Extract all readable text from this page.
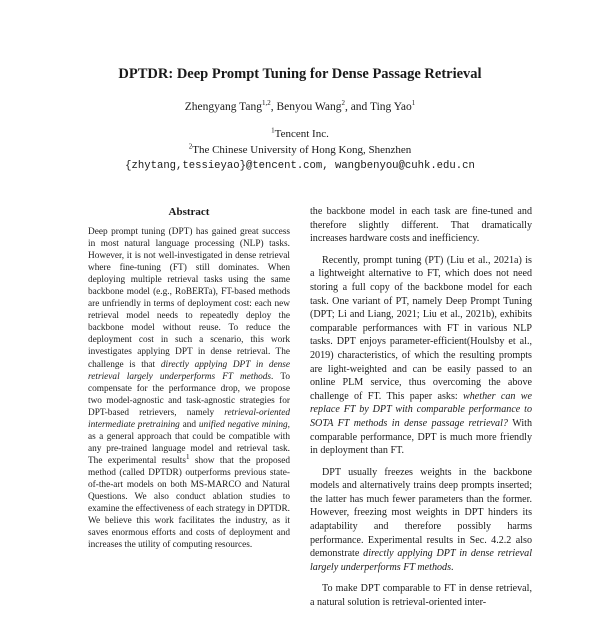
DPTDR: Deep Prompt Tuning for Dense Passage Retrieval
Zhengyang Tang$^{1,2}$, Benyou Wang$^2$, and Ting Yao$^1$
$^1$Tencent Inc.
$^2$The Chinese University of Hong Kong, Shenzhen
{zhytang,tessieyao}@tencent.com, wangbenyou@cuhk.edu.cn
Abstract
Deep prompt tuning (DPT) has gained great success in most natural language processing (NLP) tasks. However, it is not well-investigated in dense retrieval where fine-tuning (FT) still dominates. When deploying multiple retrieval tasks using the same backbone model (e.g., RoBERTa), FT-based methods are unfriendly in terms of deployment cost: each new retrieval model needs to repeatedly deploy the backbone model without reuse. To reduce the deployment cost in such a scenario, this work investigates applying DPT in dense retrieval. The challenge is that directly applying DPT in dense retrieval largely underperforms FT methods. To compensate for the performance drop, we propose two model-agnostic and task-agnostic strategies for DPT-based retrievers, namely retrieval-oriented intermediate pretraining and unified negative mining, as a general approach that could be compatible with any pre-trained language model and retrieval task. The experimental results$^1$ show that the proposed method (called DPTDR) outperforms previous state-of-the-art models on both MS-MARCO and Natural Questions. We also conduct ablation studies to examine the effectiveness of each strategy in DPTDR. We believe this work facilitates the industry, as it saves enormous efforts and costs of deployment and increases the utility of computing resources.

the backbone model in each task are fine-tuned and therefore slightly different. That dramatically increases hardware costs and inefficiency.

Recently, prompt tuning (PT) (Liu et al., 2021a) is a lightweight alternative to FT, which does not need storing a full copy of the backbone model for each task. One variant of PT, namely Deep Prompt Tuning (DPT; Li and Liang, 2021; Liu et al., 2021b), exhibits comparable performances with FT in various NLP tasks. DPT enjoys parameter-efficient(Houlsby et al., 2019) characteristics, of which the resulting prompts are light-weighted and can be easily passed to an online PLM service, thus overcoming the above challenge of FT. This paper asks: whether can we replace FT by DPT with comparable performance to SOTA FT methods in dense passage retrieval? With comparable performance, DPT is much more friendly in deployment than FT.

DPT usually freezes weights in the backbone models and alternatively trains deep prompts inserted; the latter has much fewer parameters than the former. However, freezing most weights in DPT hinders its adaptability and therefore possibly harms performance. Experimental results in Sec. 4.2.2 also demonstrate directly applying DPT in dense retrieval largely underperforms FT methods.

To make DPT comparable to FT in dense retrieval, a natural solution is retrieval-oriented inter-
